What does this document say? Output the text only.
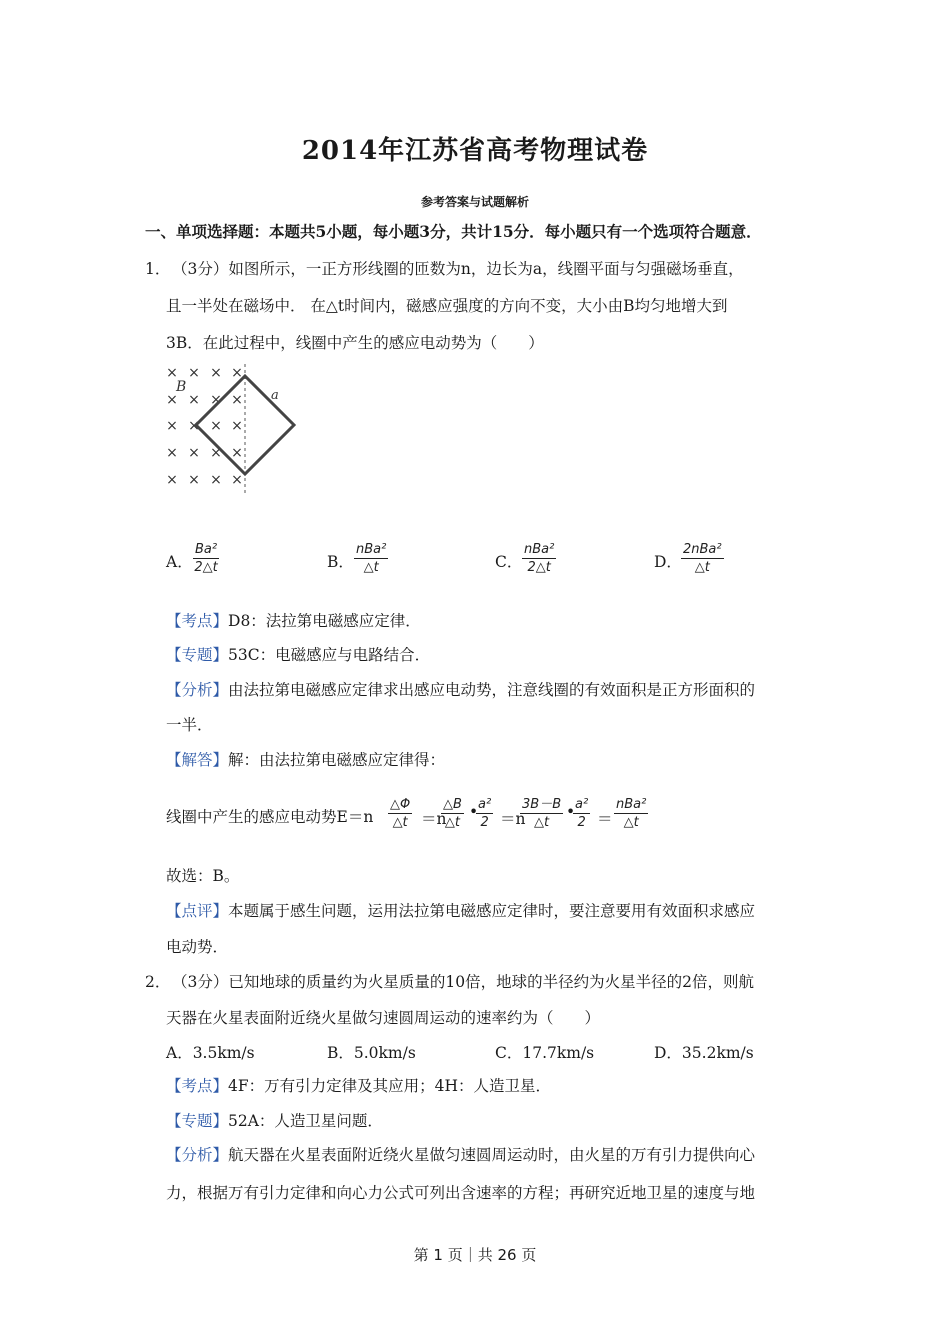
2014年江苏省高考物理试卷
参考答案与试题解析
一、单项选择题：本题共5小题，每小题3分，共计15分．每小题只有一个选项符合题意．
1． （3分）如图所示，一正方形线圈的匝数为n，边长为a，线圈平面与匀强磁场垂直，
且一半处在磁场中． 在△t时间内，磁感应强度的方向不变，大小由B均匀地增大到
3B．在此过程中，线圈中产生的感应电动势为（　　）
× × × ×
× × × ×
× × × ×
× × × ×
× × × ×
B
a
A． $\frac{\text{Ba²}}{2\triangle t}$	B．
nBa²
△t	C．
nBa²
2△t	D．
2nBa²
△t
【考点】D8：法拉第电磁感应定律．
【专题】53C：电磁感应与电路结合．
【分析】由法拉第电磁感应定律求出感应电动势，注意线圈的有效面积是正方形面积的
一半．
【解答】解：由法拉第电磁感应定律得：
线圈中产生的感应电动势$E=n \frac{\triangle\Phi}{\triangle t} =n$
$\frac{\triangle B}{\triangle t}$ •
$\frac{\text{a²}}{2} =n$
$\frac{3B-B}{\triangle t}$ •
$\frac{\text{a²}}{2}$ ＝
nBa²
△t
故选：B。
【点评】本题属于感生问题，运用法拉第电磁感应定律时，要注意要用有效面积求感应
电动势．
2． （3分）已知地球的质量约为火星质量的10倍，地球的半径约为火星半径的2倍，则航
天器在火星表面附近绕火星做匀速圆周运动的速率约为（　　）
A．3.5km/s	B．5.0km/s	C．17.7km/s	D．35.2km/s
【考点】4F：万有引力定律及其应用；4H：人造卫星．
【专题】52A：人造卫星问题．
【分析】航天器在火星表面附近绕火星做匀速圆周运动时，由火星的万有引力提供向心
力，根据万有引力定律和向心力公式可列出含速率的方程；再研究近地卫星的速度与地
第 1 页｜共 26 页
